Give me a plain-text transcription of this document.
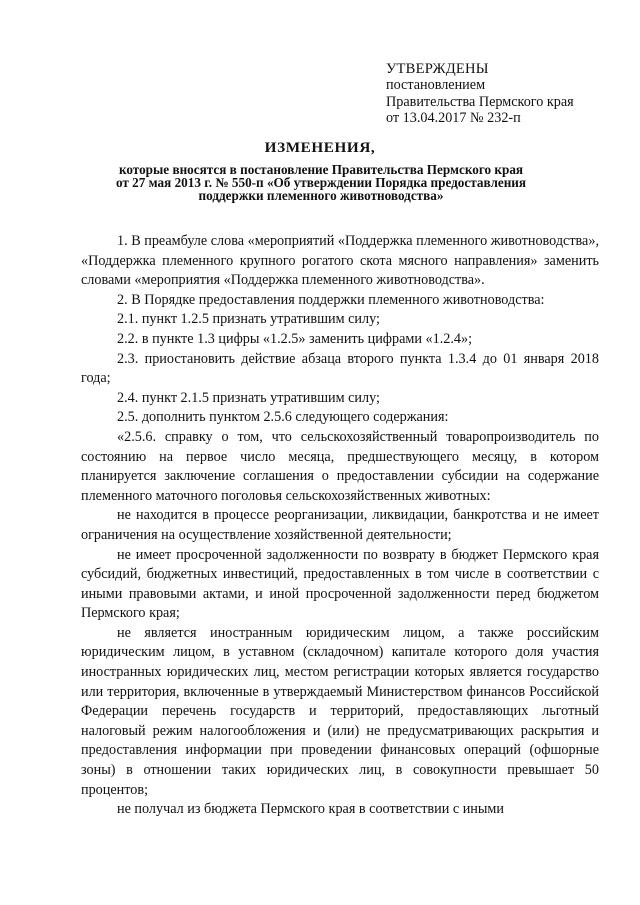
УТВЕРЖДЕНЫ
постановлением
Правительства Пермского края
от 13.04.2017 № 232-п
ИЗМЕНЕНИЯ,
которые вносятся в постановление Правительства Пермского края
от 27 мая 2013 г. № 550-п «Об утверждении Порядка предоставления
поддержки племенного животноводства»

1. В преамбуле слова «мероприятий «Поддержка племенного животноводства», «Поддержка племенного крупного рогатого скота мясного направления» заменить словами «мероприятия «Поддержка племенного животноводства».

2. В Порядке предоставления поддержки племенного животноводства:

2.1. пункт 1.2.5 признать утратившим силу;

2.2. в пункте 1.3 цифры «1.2.5» заменить цифрами «1.2.4»;

2.3. приостановить действие абзаца второго пункта 1.3.4 до 01 января 2018 года;

2.4. пункт 2.1.5 признать утратившим силу;

2.5. дополнить пунктом 2.5.6 следующего содержания:

«2.5.6. справку о том, что сельскохозяйственный товаропроизводитель по состоянию на первое число месяца, предшествующего месяцу, в котором планируется заключение соглашения о предоставлении субсидии на содержание племенного маточного поголовья сельскохозяйственных животных:

не находится в процессе реорганизации, ликвидации, банкротства и не имеет ограничения на осуществление хозяйственной деятельности;

не имеет просроченной задолженности по возврату в бюджет Пермского края субсидий, бюджетных инвестиций, предоставленных в том числе в соответствии с иными правовыми актами, и иной просроченной задолженности перед бюджетом Пермского края;

не является иностранным юридическим лицом, а также российским юридическим лицом, в уставном (складочном) капитале которого доля участия иностранных юридических лиц, местом регистрации которых является государство или территория, включенные в утверждаемый Министерством финансов Российской Федерации перечень государств и территорий, предоставляющих льготный налоговый режим налогообложения и (или) не предусматривающих раскрытия и предоставления информации при проведении финансовых операций (офшорные зоны) в отношении таких юридических лиц, в совокупности превышает 50 процентов;

не получал из бюджета Пермского края в соответствии с иными
